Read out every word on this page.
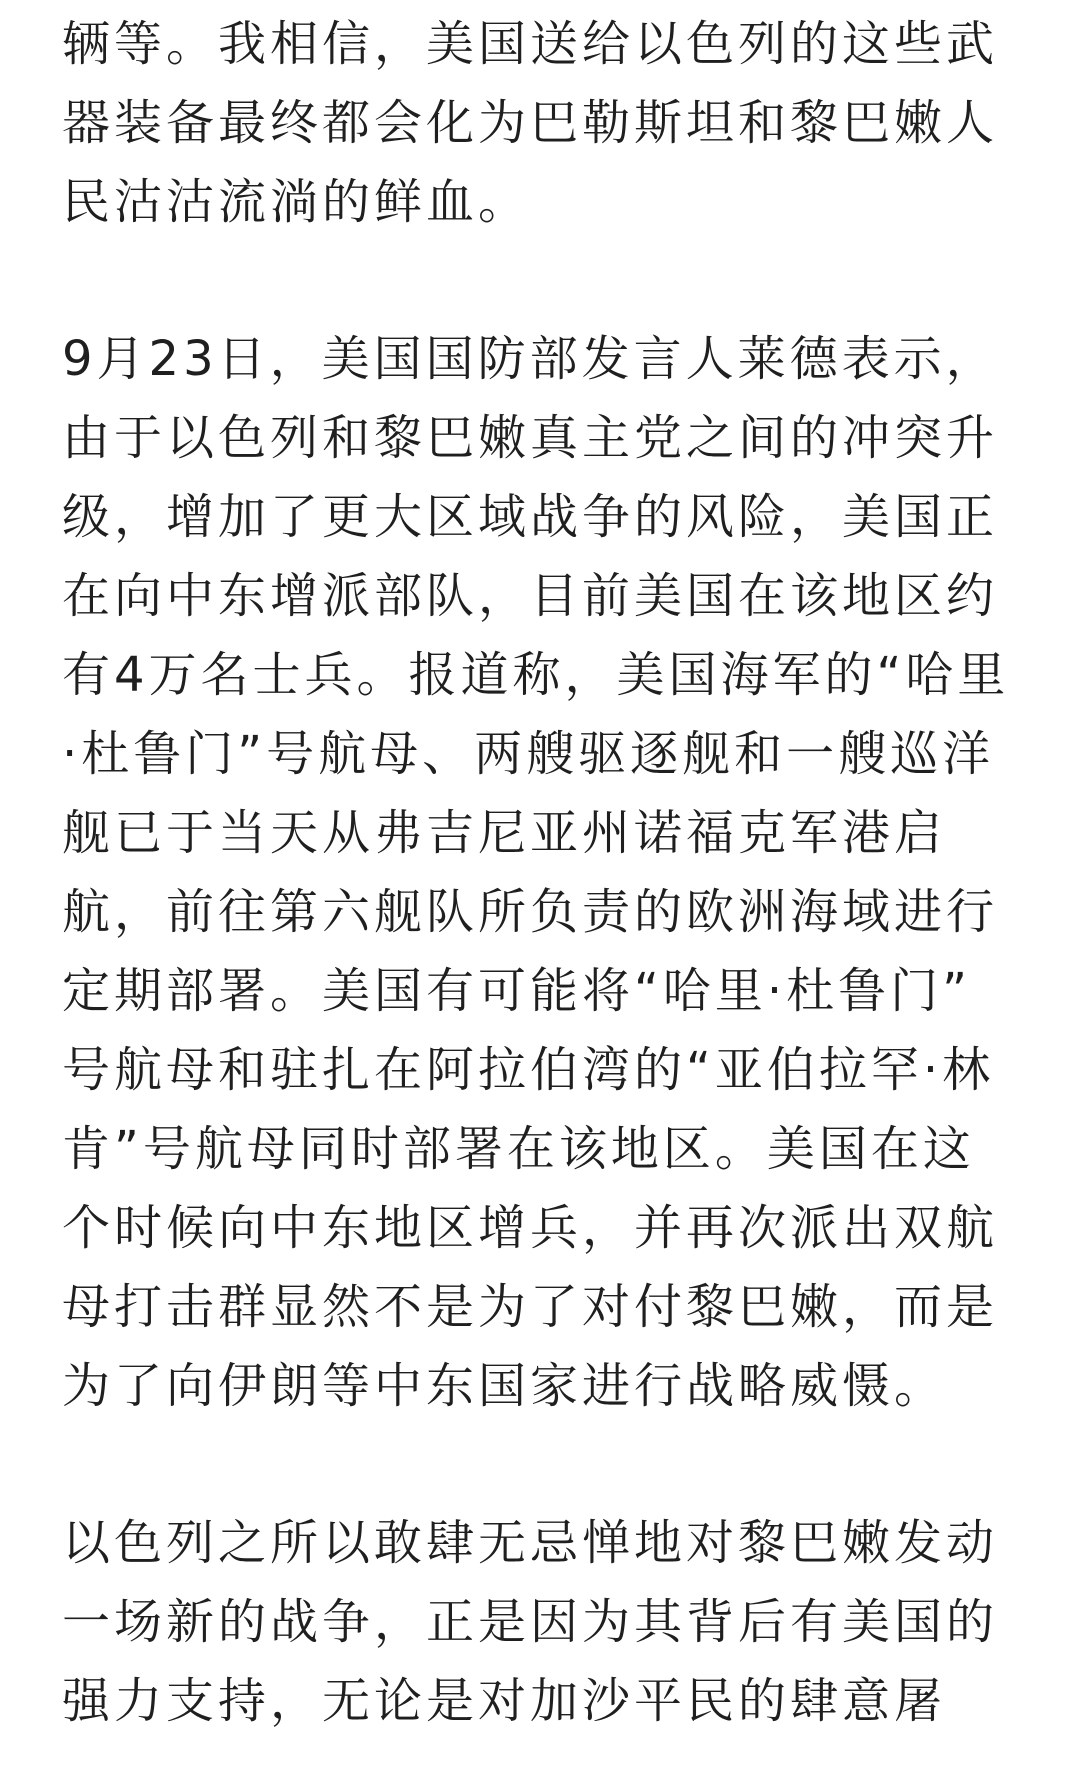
辆等。我相信，美国送给以色列的这些武
器装备最终都会化为巴勒斯坦和黎巴嫩人
民沽沽流淌的鲜血。
9月23日，美国国防部发言人莱德表示，
由于以色列和黎巴嫩真主党之间的冲突升
级，增加了更大区域战争的风险，美国正
在向中东增派部队，目前美国在该地区约
有4万名士兵。报道称，美国海军的“哈里
·杜鲁门”号航母、两艘驱逐舰和一艘巡洋
舰已于当天从弗吉尼亚州诺福克军港启
航，前往第六舰队所负责的欧洲海域进行
定期部署。美国有可能将“哈里·杜鲁门”
号航母和驻扎在阿拉伯湾的“亚伯拉罕·林
肯”号航母同时部署在该地区。美国在这
个时候向中东地区增兵，并再次派出双航
母打击群显然不是为了对付黎巴嫩，而是
为了向伊朗等中东国家进行战略威慑。
以色列之所以敢肆无忌惮地对黎巴嫩发动
一场新的战争，正是因为其背后有美国的
强力支持，无论是对加沙平民的肆意屠
